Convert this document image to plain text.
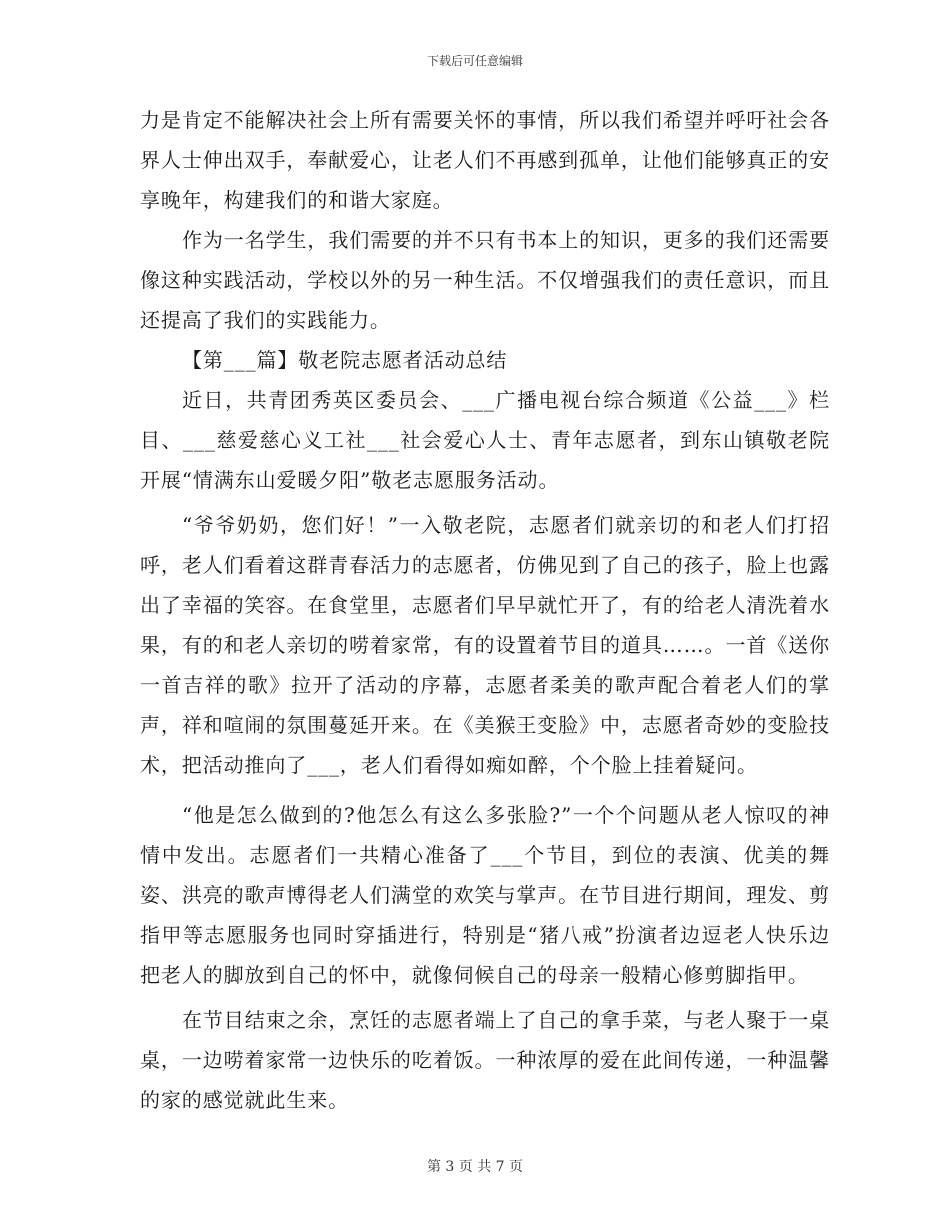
下载后可任意编辑

力是肯定不能解决社会上所有需要关怀的事情，所以我们希望并呼吁社会各界人士伸出双手，奉献爱心，让老人们不再感到孤单，让他们能够真正的安享晚年，构建我们的和谐大家庭。

作为一名学生，我们需要的并不只有书本上的知识，更多的我们还需要像这种实践活动，学校以外的另一种生活。不仅增强我们的责任意识，而且还提高了我们的实践能力。

【第___篇】敬老院志愿者活动总结

近日，共青团秀英区委员会、___广播电视台综合频道《公益___》栏目、___慈爱慈心义工社___社会爱心人士、青年志愿者，到东山镇敬老院开展“情满东山爱暖夕阳”敬老志愿服务活动。

“爷爷奶奶，您们好！”一入敬老院，志愿者们就亲切的和老人们打招呼，老人们看着这群青春活力的志愿者，仿佛见到了自己的孩子，脸上也露出了幸福的笑容。在食堂里，志愿者们早早就忙开了，有的给老人清洗着水果，有的和老人亲切的唠着家常，有的设置着节目的道具……。一首《送你一首吉祥的歌》拉开了活动的序幕，志愿者柔美的歌声配合着老人们的掌声，祥和喧闹的氛围蔓延开来。在《美猴王变脸》中，志愿者奇妙的变脸技术，把活动推向了___，老人们看得如痴如醉，个个脸上挂着疑问。

“他是怎么做到的?他怎么有这么多张脸?”一个个问题从老人惊叹的神情中发出。志愿者们一共精心准备了___个节目，到位的表演、优美的舞姿、洪亮的歌声博得老人们满堂的欢笑与掌声。在节目进行期间，理发、剪指甲等志愿服务也同时穿插进行，特别是“猪八戒”扮演者边逗老人快乐边把老人的脚放到自己的怀中，就像伺候自己的母亲一般精心修剪脚指甲。

在节目结束之余，烹饪的志愿者端上了自己的拿手菜，与老人聚于一桌桌，一边唠着家常一边快乐的吃着饭。一种浓厚的爱在此间传递，一种温馨的家的感觉就此生来。

第 3 页 共 7 页
